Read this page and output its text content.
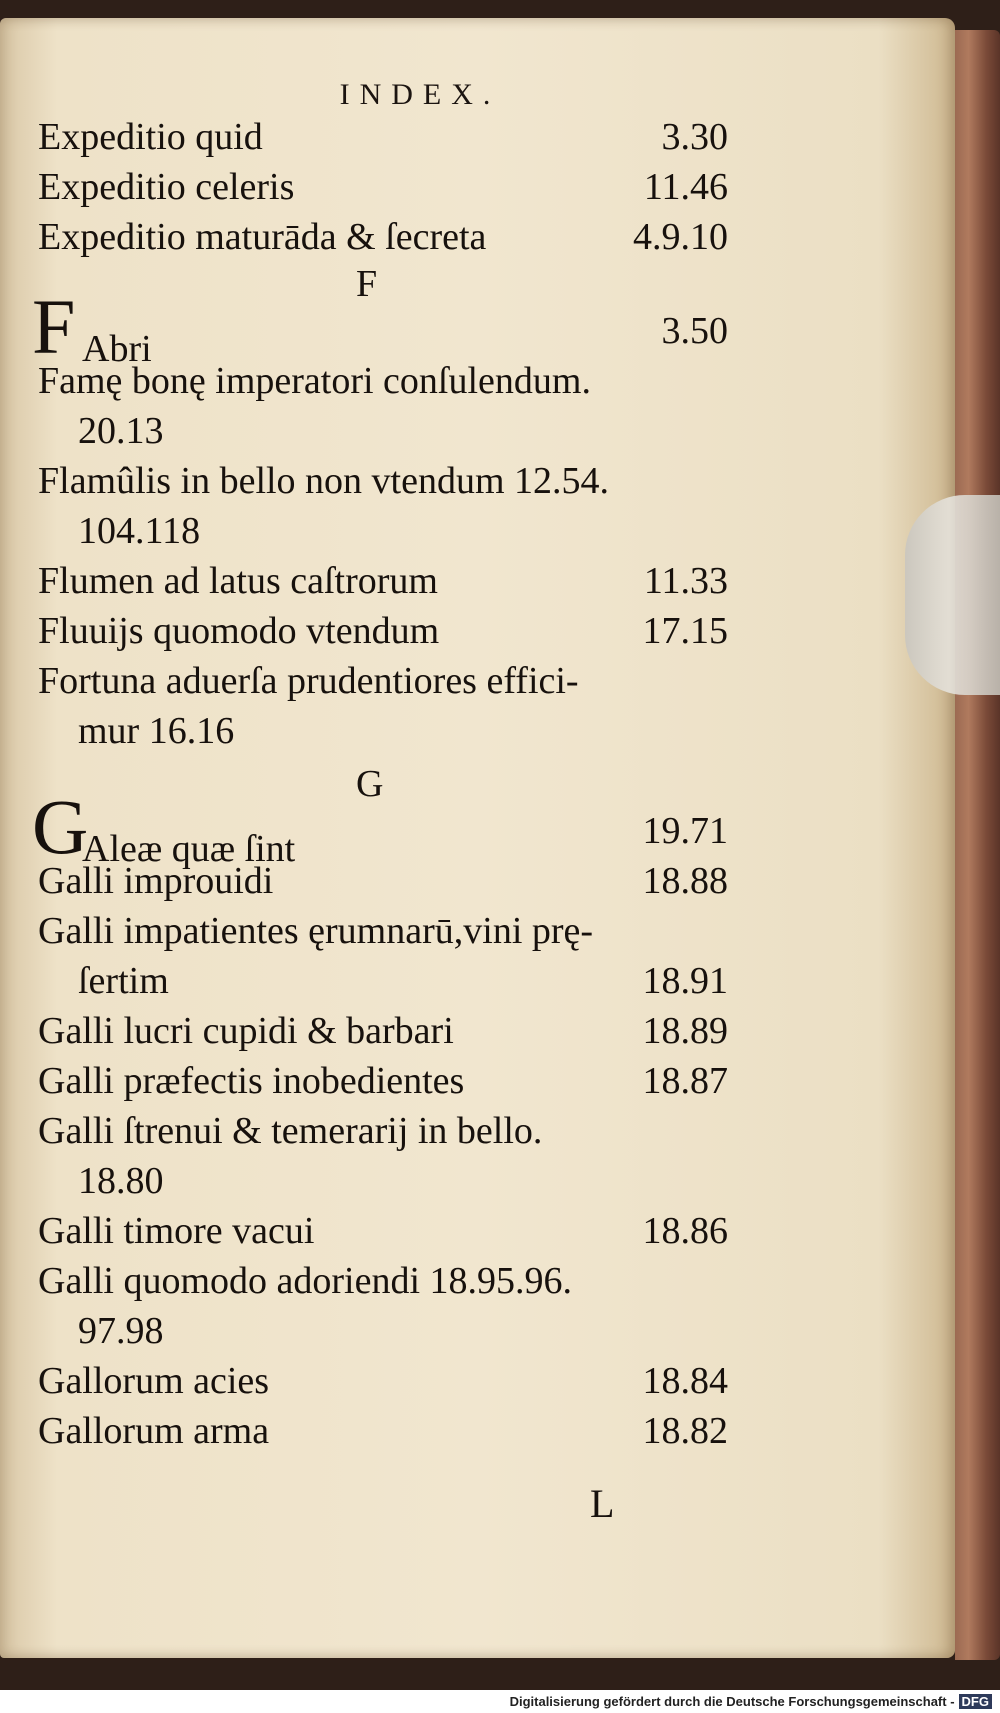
INDEX.
Expeditio quid	3.30
Expeditio celeris	11.46
Expeditio maturāda & ſecreta	4.9.10
F
F Abri	3.50
Famę bonę imperatori conſulendum.
20.13
Flamûlis in bello non vtendum 12.54.
104.118
Flumen ad latus caſtrorum	11.33
Fluuijs quomodo vtendum	17.15
Fortuna aduerſa prudentiores effici-
mur 16.16
G
G
Aleæ quæ ſint	19.71
Galli improuidi	18.88
Galli impatientes ęrumnarū,vini prę-
ſertim	18.91
Galli lucri cupidi & barbari	18.89
Galli præfectis inobedientes	18.87
Galli ſtrenui & temerarij in bello.
18.80
Galli timore vacui	18.86
Galli quomodo adoriendi 18.95.96.
97.98
Gallorum acies	18.84
Gallorum arma	18.82
L
Digitalisierung gefördert durch die Deutsche Forschungsgemeinschaft - DFG
